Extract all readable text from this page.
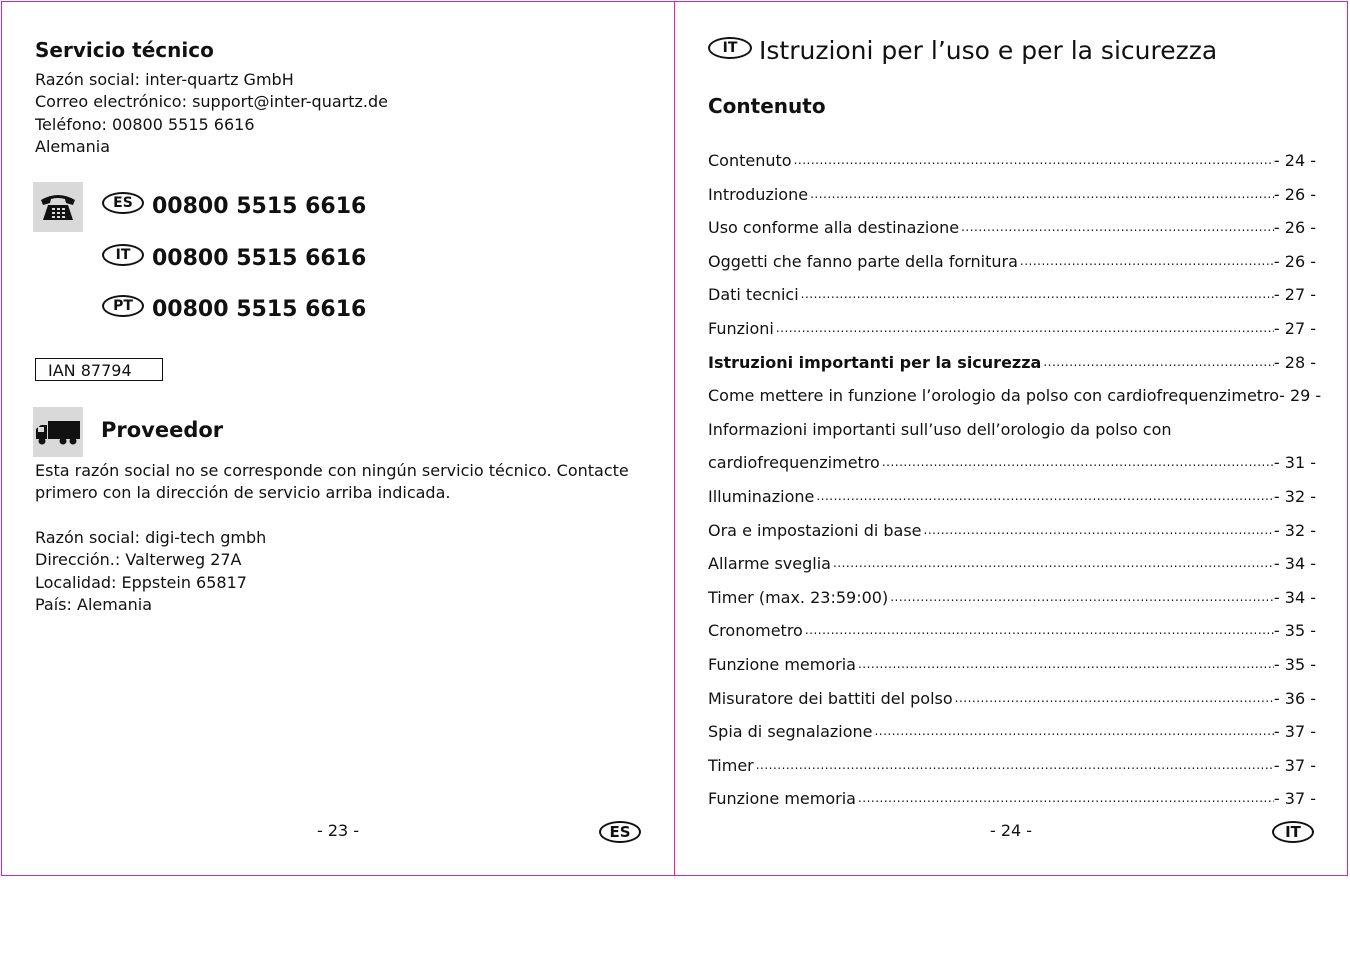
Servicio técnico
Razón social: inter-quartz GmbH
Correo electrónico: support@inter-quartz.de
Teléfono: 00800 5515 6616
Alemania
ES 00800 5515 6616
IT 00800 5515 6616
PT 00800 5515 6616
IAN 87794
Proveedor
Esta razón social no se corresponde con ningún servicio técnico. Contacte
primero con la dirección de servicio arriba indicada.
Razón social: digi-tech gmbh
Dirección.: Valterweg 27A
Localidad: Eppstein 65817
País: Alemania
- 23 -	ES
IT Istruzioni per l’uso e per la sicurezza
Contenuto
Contenuto .....	- 24 -
Introduzione .....	- 26 -
Uso conforme alla destinazione .....	- 26 -
Oggetti che fanno parte della fornitura .....	- 26 -
Dati tecnici .....	- 27 -
Funzioni .....	- 27 -
Istruzioni importanti per la sicurezza .....	- 28 -
Come mettere in funzione l’orologio da polso con cardiofrequenzimetro - 29 -
Informazioni importanti sull’uso dell’orologio da polso con
cardiofrequenzimetro .....	- 31 -
Illuminazione .....	- 32 -
Ora e impostazioni di base .....	- 32 -
Allarme sveglia .....	- 34 -
Timer (max. 23:59:00) .....	- 34 -
Cronometro .....	- 35 -
Funzione memoria .....	- 35 -
Misuratore dei battiti del polso .....	- 36 -
Spia di segnalazione .....	- 37 -
Timer .....	- 37 -
Funzione memoria .....	- 37 -
- 24 -	IT
